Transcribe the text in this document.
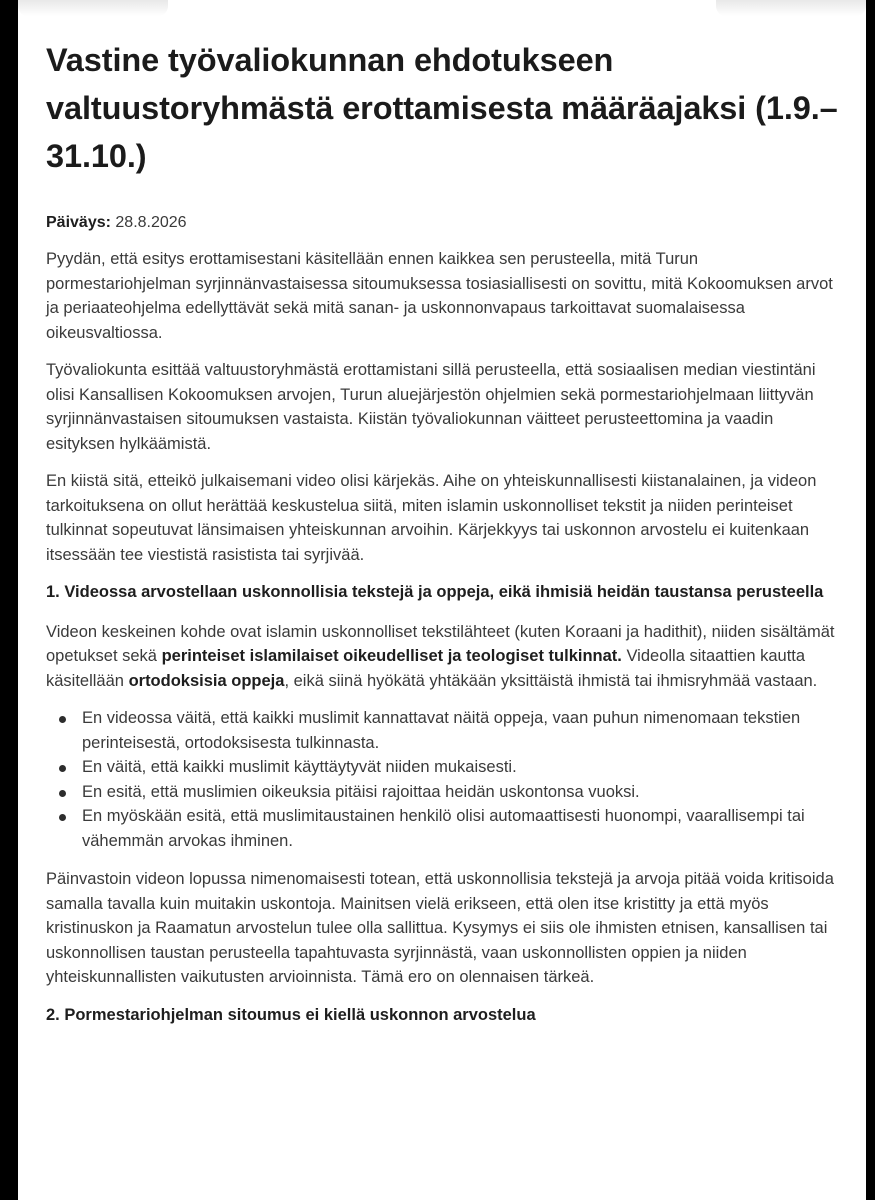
Vastine työvaliokunnan ehdotukseen valtuustoryhmästä erottamisesta määräajaksi (1.9.–31.10.)
Päiväys: 28.8.2026

Pyydän, että esitys erottamisestani käsitellään ennen kaikkea sen perusteella, mitä Turun pormestariohjelman syrjinnänvastaisessa sitoumuksessa tosiasiallisesti on sovittu, mitä Kokoomuksen arvot ja periaateohjelma edellyttävät sekä mitä sanan- ja uskonnonvapaus tarkoittavat suomalaisessa oikeusvaltiossa.

Työvaliokunta esittää valtuustoryhmästä erottamistani sillä perusteella, että sosiaalisen median viestintäni olisi Kansallisen Kokoomuksen arvojen, Turun aluejärjestön ohjelmien sekä pormestariohjelmaan liittyvän syrjinnänvastaisen sitoumuksen vastaista. Kiistän työvaliokunnan väitteet perusteettomina ja vaadin esityksen hylkäämistä.

En kiistä sitä, etteikö julkaisemani video olisi kärjekäs. Aihe on yhteiskunnallisesti kiistanalainen, ja videon tarkoituksena on ollut herättää keskustelua siitä, miten islamin uskonnolliset tekstit ja niiden perinteiset tulkinnat sopeutuvat länsimaisen yhteiskunnan arvoihin. Kärjekkyys tai uskonnon arvostelu ei kuitenkaan itsessään tee viestistä rasistista tai syrjivää.

1. Videossa arvostellaan uskonnollisia tekstejä ja oppeja, eikä ihmisiä heidän taustansa perusteella

Videon keskeinen kohde ovat islamin uskonnolliset tekstilähteet (kuten Koraani ja hadithit), niiden sisältämät opetukset sekä perinteiset islamilaiset oikeudelliset ja teologiset tulkinnat. Videolla sitaattien kautta käsitellään ortodoksisia oppeja, eikä siinä hyökätä yhtäkään yksittäistä ihmistä tai ihmisryhmää vastaan.

En videossa väitä, että kaikki muslimit kannattavat näitä oppeja, vaan puhun nimenomaan tekstien perinteisestä, ortodoksisesta tulkinnasta.
En väitä, että kaikki muslimit käyttäytyvät niiden mukaisesti.
En esitä, että muslimien oikeuksia pitäisi rajoittaa heidän uskontonsa vuoksi.
En myöskään esitä, että muslimitaustainen henkilö olisi automaattisesti huonompi, vaarallisempi tai vähemmän arvokas ihminen.

Päinvastoin videon lopussa nimenomaisesti totean, että uskonnollisia tekstejä ja arvoja pitää voida kritisoida samalla tavalla kuin muitakin uskontoja. Mainitsen vielä erikseen, että olen itse kristitty ja että myös kristinuskon ja Raamatun arvostelun tulee olla sallittua. Kysymys ei siis ole ihmisten etnisen, kansallisen tai uskonnollisen taustan perusteella tapahtuvasta syrjinnästä, vaan uskonnollisten oppien ja niiden yhteiskunnallisten vaikutusten arvioinnista. Tämä ero on olennaisen tärkeä.

2. Pormestariohjelman sitoumus ei kiellä uskonnon arvostelua
